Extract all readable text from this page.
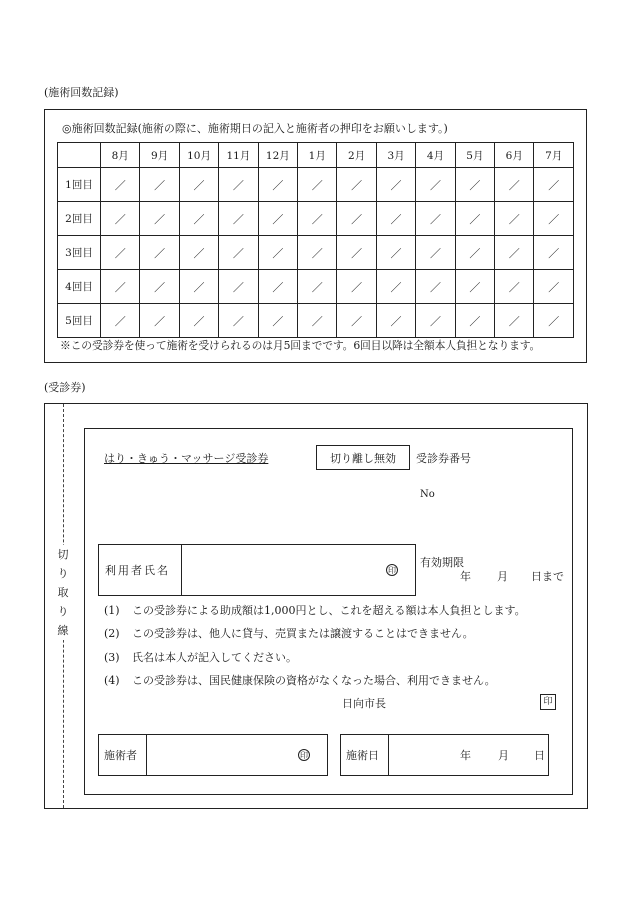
(施術回数記録)
◎施術回数記録(施術の際に、施術期日の記入と施術者の押印をお願いします。)
	8月	9月	10月	11月	12月	1月	2月	3月	4月	5月	6月	7月
1回目	／	／	／	／	／	／	／	／	／	／	／	／
2回目	／	／	／	／	／	／	／	／	／	／	／	／
3回目	／	／	／	／	／	／	／	／	／	／	／	／
4回目	／	／	／	／	／	／	／	／	／	／	／	／
5回目	／	／	／	／	／	／	／	／	／	／	／	／
※この受診券を使って施術を受けられるのは月5回までです。6回目以降は全額本人負担となります。
(受診券)
切り取り線
はり・きゅう・マッサージ受診券	切り離し無効 受診券番号
No
利用者氏名	印
有効期限
年 月 日まで
(1) この受診券による助成額は1,000円とし、これを超える額は本人負担とします。
(2) この受診券は、他人に貸与、売買または譲渡することはできません。
(3) 氏名は本人が記入してください。
(4) この受診券は、国民健康保険の資格がなくなった場合、利用できません。
日向市長	印
施術者	印	施術日	年 月 日
